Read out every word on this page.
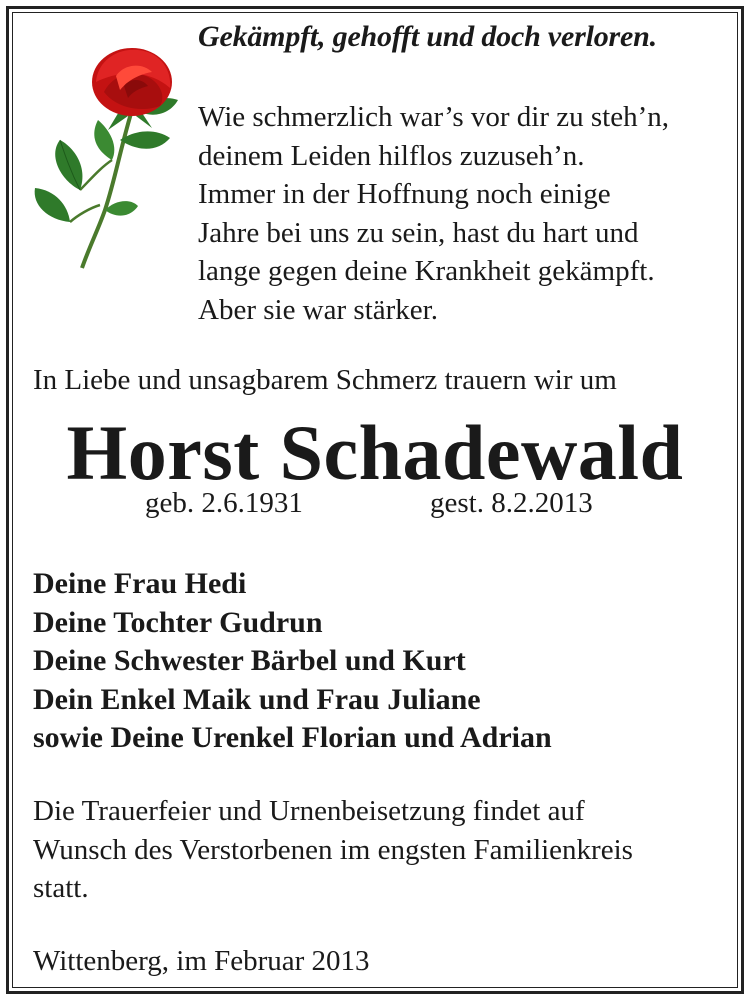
Gekämpft, gehofft und doch verloren.
Wie schmerzlich war’s vor dir zu steh’n,
deinem Leiden hilflos zuzuseh’n.
Immer in der Hoffnung noch einige
Jahre bei uns zu sein, hast du hart und
lange gegen deine Krankheit gekämpft.
Aber sie war stärker.
In Liebe und unsagbarem Schmerz trauern wir um
Horst Schadewald
geb. 2.6.1931	gest. 8.2.2013
Deine Frau Hedi
Deine Tochter Gudrun
Deine Schwester Bärbel und Kurt
Dein Enkel Maik und Frau Juliane
sowie Deine Urenkel Florian und Adrian
Die Trauerfeier und Urnenbeisetzung findet auf
Wunsch des Verstorbenen im engsten Familienkreis
statt.
Wittenberg, im Februar 2013
